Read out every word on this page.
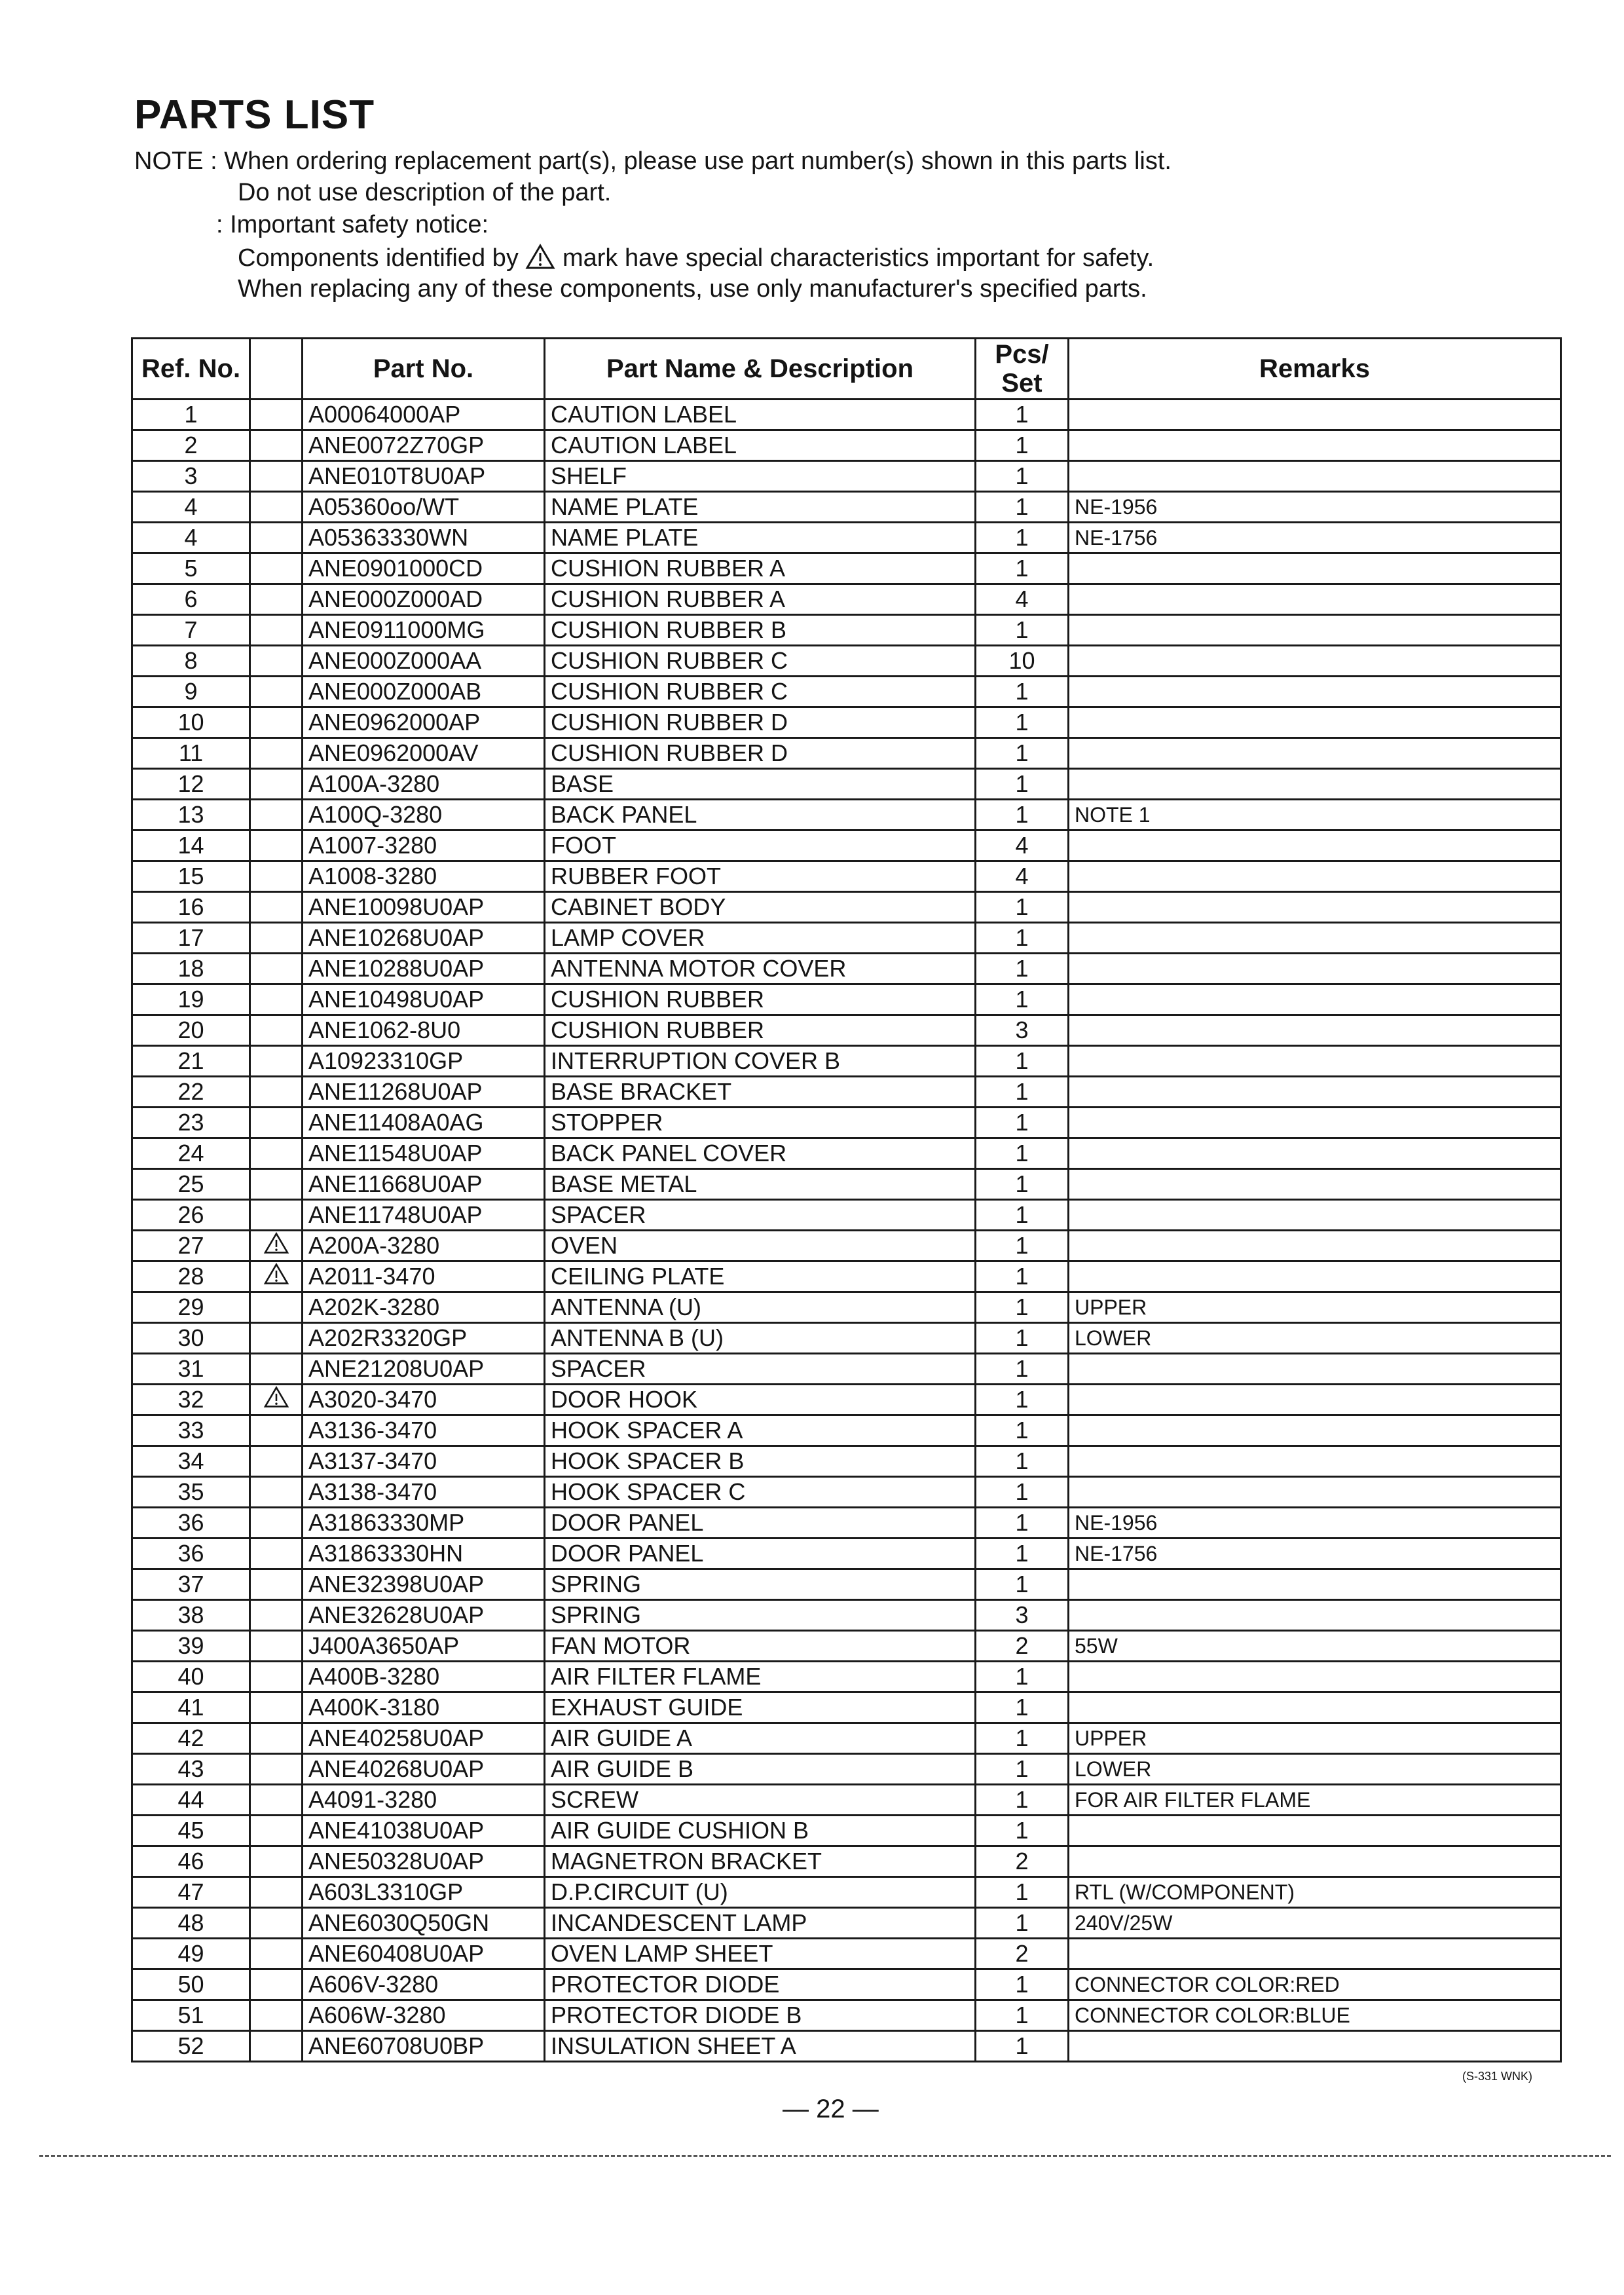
PARTS LIST
NOTE : When ordering replacement part(s), please use part number(s) shown in this parts list.
Do not use description of the part.
: Important safety notice:
Components identified by mark have special characteristics important for safety.
When replacing any of these components, use only manufacturer's specified parts.
Ref. No.		Part No.	Part Name & Description	Pcs/ Set	Remarks
1		A00064000AP	CAUTION LABEL	1	
2		ANE0072Z70GP	CAUTION LABEL	1	
3		ANE010T8U0AP	SHELF	1	
4		A05360oo/WT	NAME PLATE	1	NE-1956
4		A05363330WN	NAME PLATE	1	NE-1756
5		ANE0901000CD	CUSHION RUBBER A	1	
6		ANE000Z000AD	CUSHION RUBBER A	4	
7		ANE0911000MG	CUSHION RUBBER B	1	
8		ANE000Z000AA	CUSHION RUBBER C	10	
9		ANE000Z000AB	CUSHION RUBBER C	1	
10		ANE0962000AP	CUSHION RUBBER D	1	
11		ANE0962000AV	CUSHION RUBBER D	1	
12		A100A-3280	BASE	1	
13		A100Q-3280	BACK PANEL	1	NOTE 1
14		A1007-3280	FOOT	4	
15		A1008-3280	RUBBER FOOT	4	
16		ANE10098U0AP	CABINET BODY	1	
17		ANE10268U0AP	LAMP COVER	1	
18		ANE10288U0AP	ANTENNA MOTOR COVER	1	
19		ANE10498U0AP	CUSHION RUBBER	1	
20		ANE1062-8U0	CUSHION RUBBER	3	
21		A10923310GP	INTERRUPTION COVER B	1	
22		ANE11268U0AP	BASE BRACKET	1	
23		ANE11408A0AG	STOPPER	1	
24		ANE11548U0AP	BACK PANEL COVER	1	
25		ANE11668U0AP	BASE METAL	1	
26		ANE11748U0AP	SPACER	1	
27		A200A-3280	OVEN	1	
28		A2011-3470	CEILING PLATE	1	
29		A202K-3280	ANTENNA (U)	1	UPPER
30		A202R3320GP	ANTENNA B (U)	1	LOWER
31		ANE21208U0AP	SPACER	1	
32		A3020-3470	DOOR HOOK	1	
33		A3136-3470	HOOK SPACER A	1	
34		A3137-3470	HOOK SPACER B	1	
35		A3138-3470	HOOK SPACER C	1	
36		A31863330MP	DOOR PANEL	1	NE-1956
36		A31863330HN	DOOR PANEL	1	NE-1756
37		ANE32398U0AP	SPRING	1	
38		ANE32628U0AP	SPRING	3	
39		J400A3650AP	FAN MOTOR	2	55W
40		A400B-3280	AIR FILTER FLAME	1	
41		A400K-3180	EXHAUST GUIDE	1	
42		ANE40258U0AP	AIR GUIDE A	1	UPPER
43		ANE40268U0AP	AIR GUIDE B	1	LOWER
44		A4091-3280	SCREW	1	FOR AIR FILTER FLAME
45		ANE41038U0AP	AIR GUIDE CUSHION B	1	
46		ANE50328U0AP	MAGNETRON BRACKET	2	
47		A603L3310GP	D.P.CIRCUIT (U)	1	RTL (W/COMPONENT)
48		ANE6030Q50GN	INCANDESCENT LAMP	1	240V/25W
49		ANE60408U0AP	OVEN LAMP SHEET	2	
50		A606V-3280	PROTECTOR DIODE	1	CONNECTOR COLOR:RED
51		A606W-3280	PROTECTOR DIODE B	1	CONNECTOR COLOR:BLUE
52		ANE60708U0BP	INSULATION SHEET A	1	
(S-331 WNK)
— 22 —
